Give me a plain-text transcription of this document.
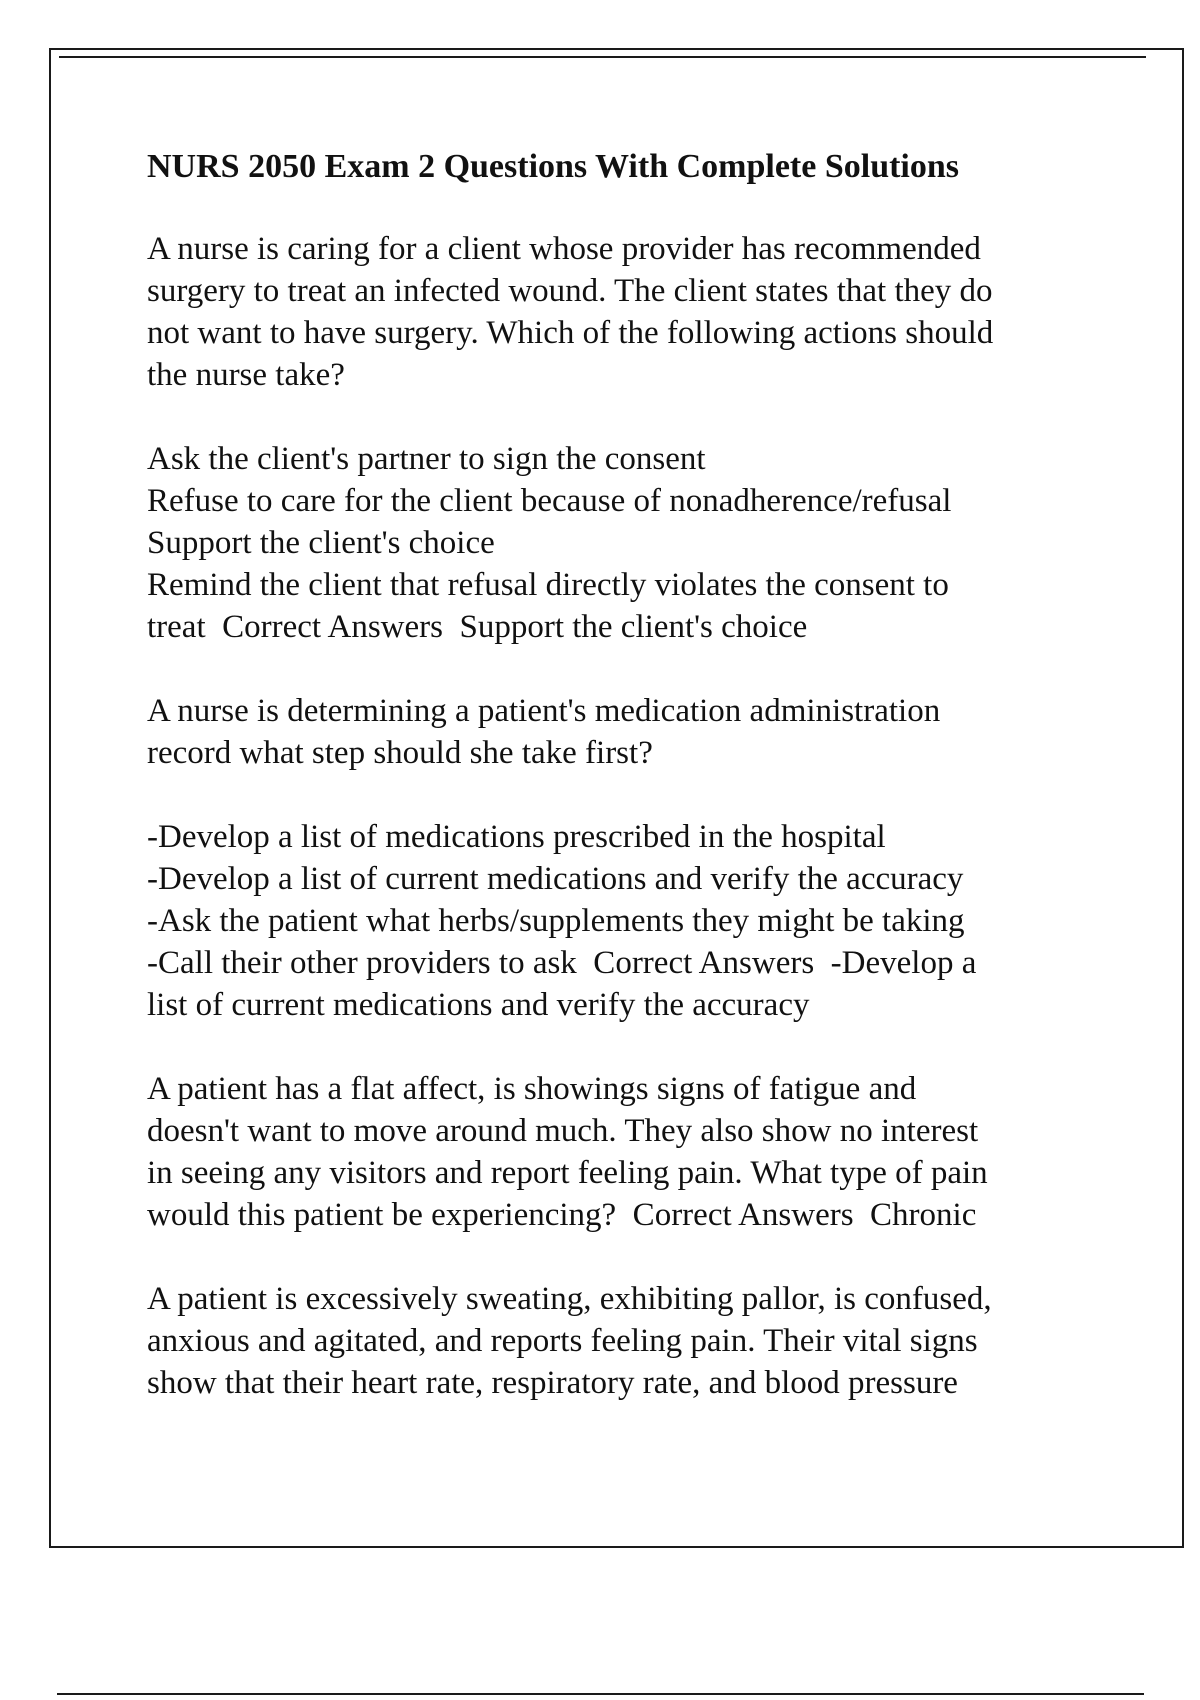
NURS 2050 Exam 2 Questions With Complete Solutions
A nurse is caring for a client whose provider has recommended
surgery to treat an infected wound. The client states that they do
not want to have surgery. Which of the following actions should
the nurse take?
Ask the client's partner to sign the consent
Refuse to care for the client because of nonadherence/refusal
Support the client's choice
Remind the client that refusal directly violates the consent to
treat  Correct Answers  Support the client's choice
A nurse is determining a patient's medication administration
record what step should she take first?
-Develop a list of medications prescribed in the hospital
-Develop a list of current medications and verify the accuracy
-Ask the patient what herbs/supplements they might be taking
-Call their other providers to ask  Correct Answers  -Develop a
list of current medications and verify the accuracy
A patient has a flat affect, is showings signs of fatigue and
doesn't want to move around much. They also show no interest
in seeing any visitors and report feeling pain. What type of pain
would this patient be experiencing?  Correct Answers  Chronic
A patient is excessively sweating, exhibiting pallor, is confused,
anxious and agitated, and reports feeling pain. Their vital signs
show that their heart rate, respiratory rate, and blood pressure
